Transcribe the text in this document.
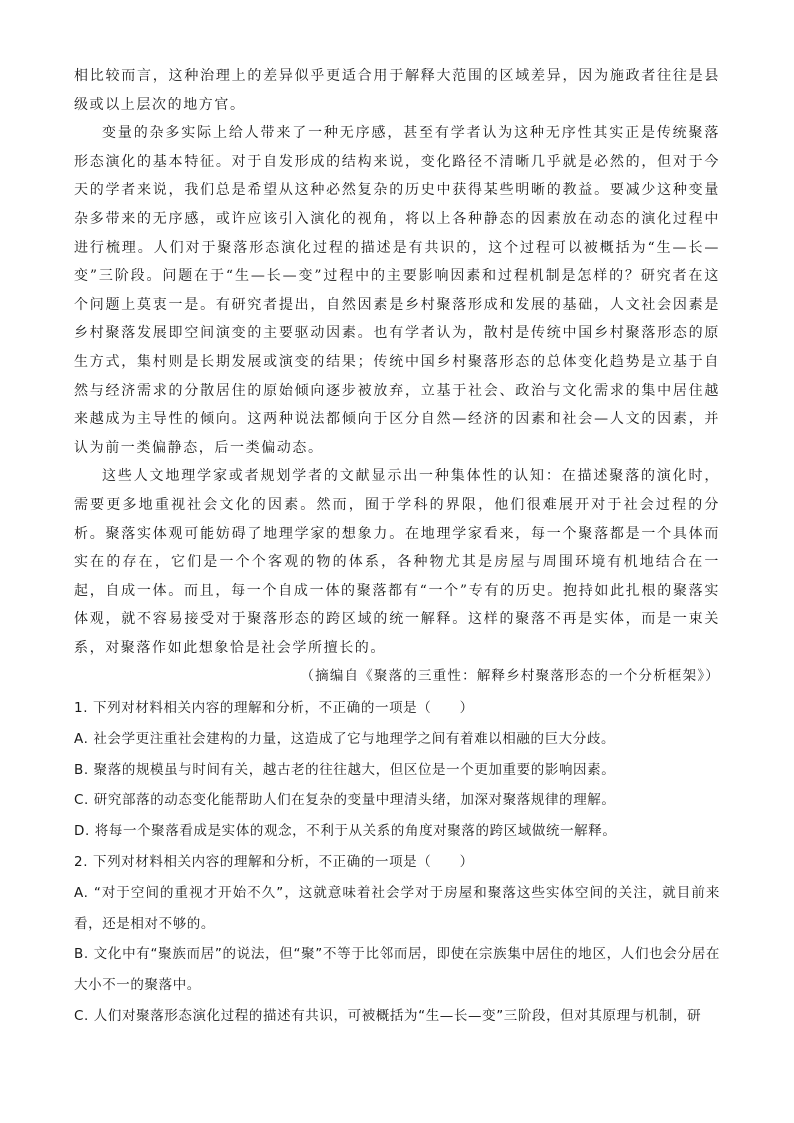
相比较而言，这种治理上的差异似乎更适合用于解释大范围的区域差异，因为施政者往往是县级或以上层次的地方官。

变量的杂多实际上给人带来了一种无序感，甚至有学者认为这种无序性其实正是传统聚落形态演化的基本特征。对于自发形成的结构来说，变化路径不清晰几乎就是必然的，但对于今天的学者来说，我们总是希望从这种必然复杂的历史中获得某些明晰的教益。要减少这种变量杂多带来的无序感，或许应该引入演化的视角，将以上各种静态的因素放在动态的演化过程中进行梳理。人们对于聚落形态演化过程的描述是有共识的，这个过程可以被概括为“生—长—变”三阶段。问题在于“生—长—变”过程中的主要影响因素和过程机制是怎样的？研究者在这个问题上莫衷一是。有研究者提出，自然因素是乡村聚落形成和发展的基础，人文社会因素是乡村聚落发展即空间演变的主要驱动因素。也有学者认为，散村是传统中国乡村聚落形态的原生方式，集村则是长期发展或演变的结果；传统中国乡村聚落形态的总体变化趋势是立基于自然与经济需求的分散居住的原始倾向逐步被放弃，立基于社会、政治与文化需求的集中居住越来越成为主导性的倾向。这两种说法都倾向于区分自然—经济的因素和社会—人文的因素，并认为前一类偏静态，后一类偏动态。

这些人文地理学家或者规划学者的文献显示出一种集体性的认知：在描述聚落的演化时，需要更多地重视社会文化的因素。然而，囿于学科的界限，他们很难展开对于社会过程的分析。聚落实体观可能妨碍了地理学家的想象力。在地理学家看来，每一个聚落都是一个具体而实在的存在，它们是一个个客观的物的体系，各种物尤其是房屋与周围环境有机地结合在一起，自成一体。而且，每一个自成一体的聚落都有“一个”专有的历史。抱持如此扎根的聚落实体观，就不容易接受对于聚落形态的跨区域的统一解释。这样的聚落不再是实体，而是一束关系，对聚落作如此想象恰是社会学所擅长的。

（摘编自《聚落的三重性：解释乡村聚落形态的一个分析框架》）

1. 下列对材料相关内容的理解和分析，不正确的一项是（　　）

A. 社会学更注重社会建构的力量，这造成了它与地理学之间有着难以相融的巨大分歧。

B. 聚落的规模虽与时间有关，越古老的往往越大，但区位是一个更加重要的影响因素。

C. 研究部落的动态变化能帮助人们在复杂的变量中理清头绪，加深对聚落规律的理解。

D. 将每一个聚落看成是实体的观念，不利于从关系的角度对聚落的跨区域做统一解释。

2. 下列对材料相关内容的理解和分析，不正确的一项是（　　）

A. “对于空间的重视才开始不久”，这就意味着社会学对于房屋和聚落这些实体空间的关注，就目前来看，还是相对不够的。

B. 文化中有“聚族而居”的说法，但“聚”不等于比邻而居，即使在宗族集中居住的地区，人们也会分居在大小不一的聚落中。

C. 人们对聚落形态演化过程的描述有共识，可被概括为“生—长—变”三阶段，但对其原理与机制，研
